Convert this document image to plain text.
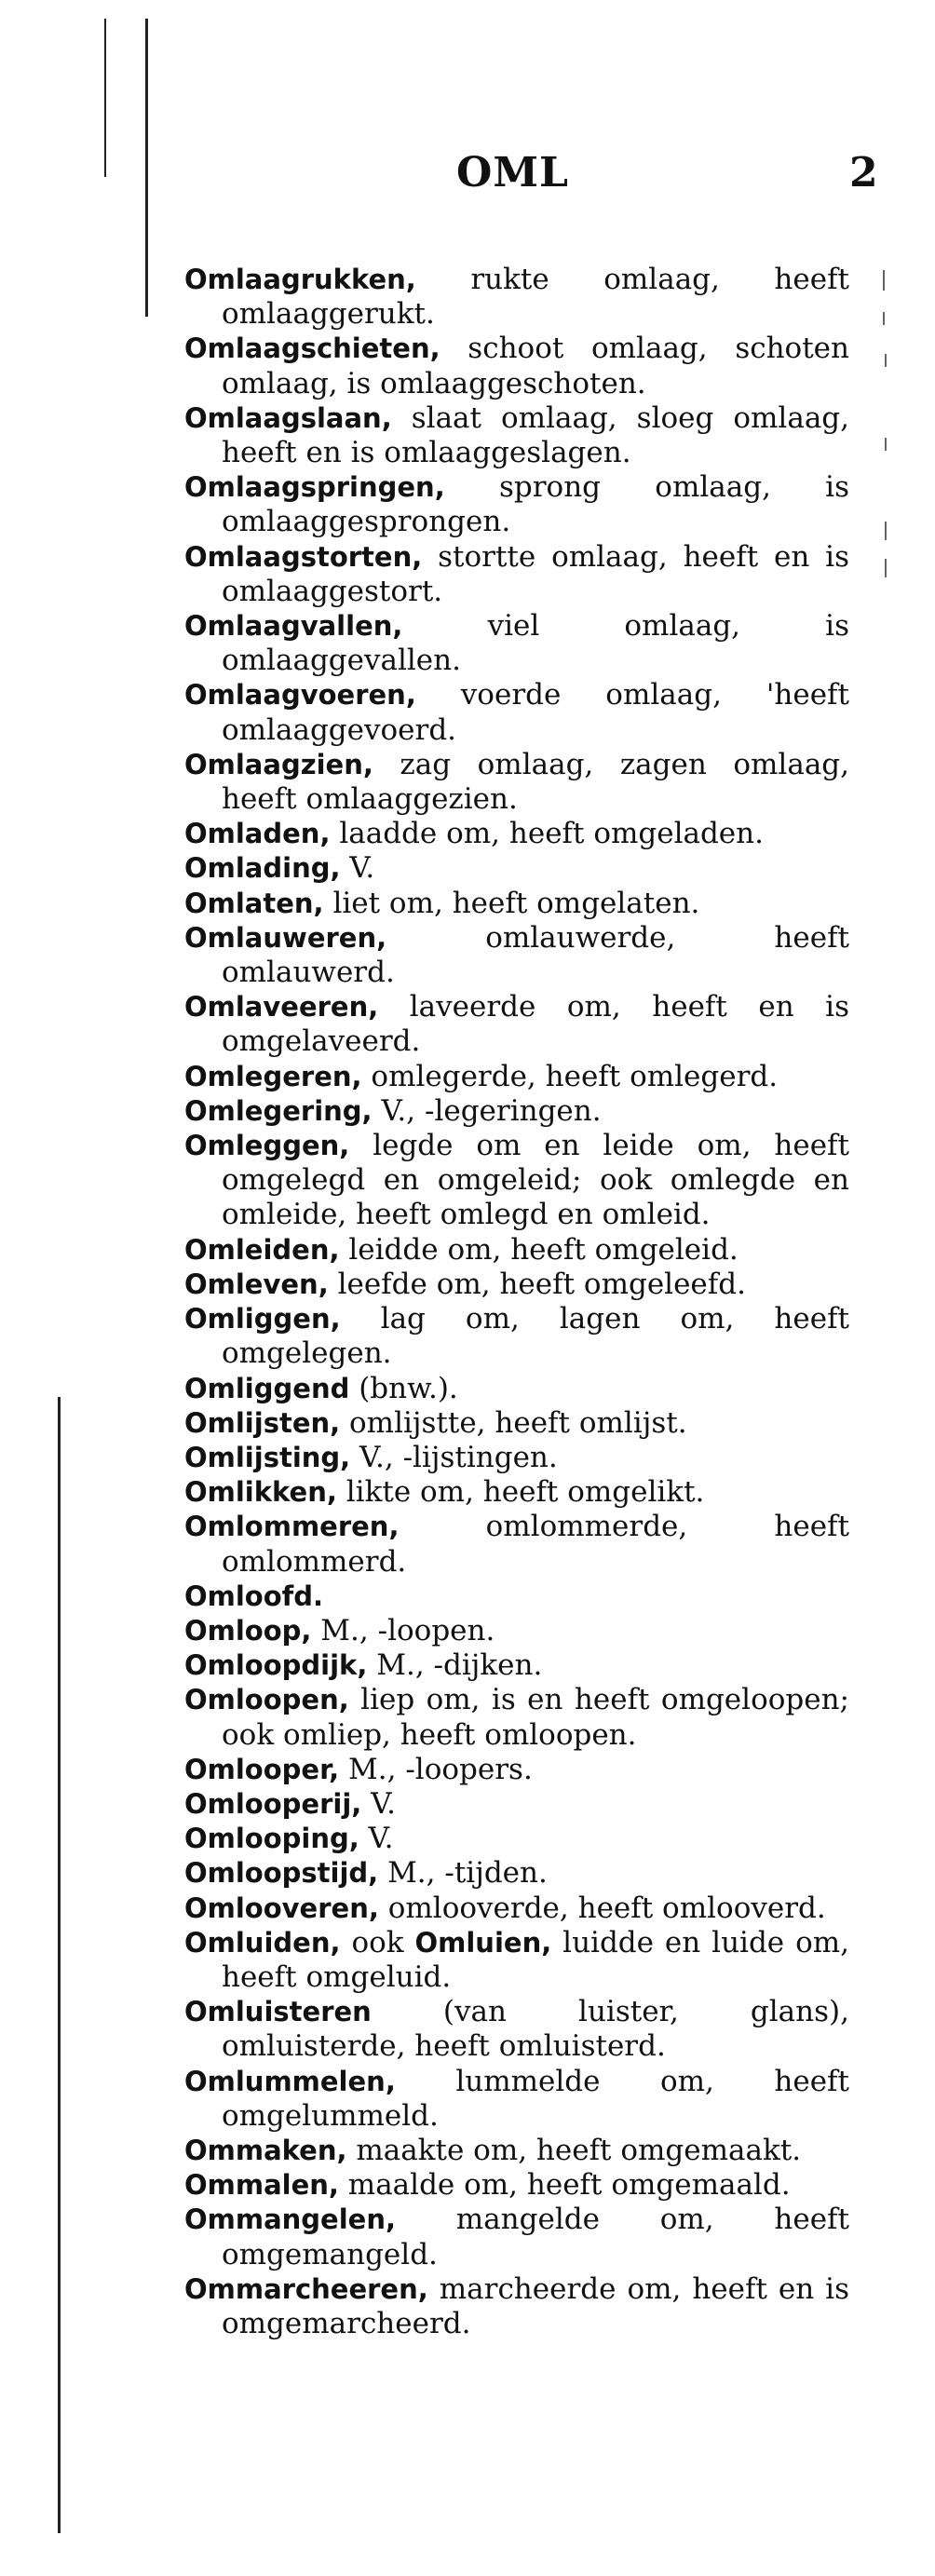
OML	2
Omlaagrukken, rukte omlaag, heeft omlaaggerukt.
Omlaagschieten, schoot omlaag, schoten omlaag, is omlaaggeschoten.
Omlaagslaan, slaat omlaag, sloeg omlaag, heeft en is omlaaggeslagen.
Omlaagspringen, sprong omlaag, is omlaaggesprongen.
Omlaagstorten, stortte omlaag, heeft en is omlaaggestort.
Omlaagvallen,	viel omlaag, is omlaaggevallen.
Omlaagvoeren, voerde omlaag, 'heeft omlaaggevoerd.
Omlaagzien, zag omlaag, zagen omlaag, heeft omlaaggezien.
Omladen, laadde om, heeft omgeladen.
Omlading, V.
Omlaten, liet om, heeft omgelaten.
Omlauweren,	omlauwerde, heeft omlauwerd.
Omlaveeren, laveerde om, heeft en is omgelaveerd.
Omlegeren, omlegerde, heeft omlegerd.
Omlegering, V., -legeringen.
Omleggen, legde om en leide om, heeft omgelegd en omgeleid; ook omlegde en omleide, heeft omlegd en omleid.
Omleiden, leidde om, heeft omgeleid.
Omleven, leefde om, heeft omgeleefd.
Omliggen, lag om, lagen om, heeft omgelegen.
Omliggend (bnw.).
Omlijsten, omlijstte, heeft omlijst.
Omlijsting, V., -lijstingen.
Omlikken, likte om, heeft omgelikt.
Omlommeren,	omlommerde, heeft omlommerd.
Omloofd.
Omloop, M., -loopen.
Omloopdijk, M., -dijken.
Omloopen, liep om, is en heeft omgeloopen; ook omliep, heeft omloopen.
Omlooper, M., -loopers.
Omlooperij, V.
Omlooping, V.
Omloopstijd, M., -tijden.
Omlooveren, omlooverde, heeft omlooverd.
Omluiden, ook Omluien, luidde en luide om, heeft omgeluid.
Omluisteren (van luister, glans), omluisterde, heeft omluisterd.
Omlummelen, lummelde om, heeft omgelummeld.
Ommaken, maakte om, heeft omgemaakt.
Ommalen, maalde om, heeft omgemaald.
Ommangelen, mangelde om, heeft omgemangeld.
Ommarcheeren, marcheerde om, heeft en is omgemarcheerd.
